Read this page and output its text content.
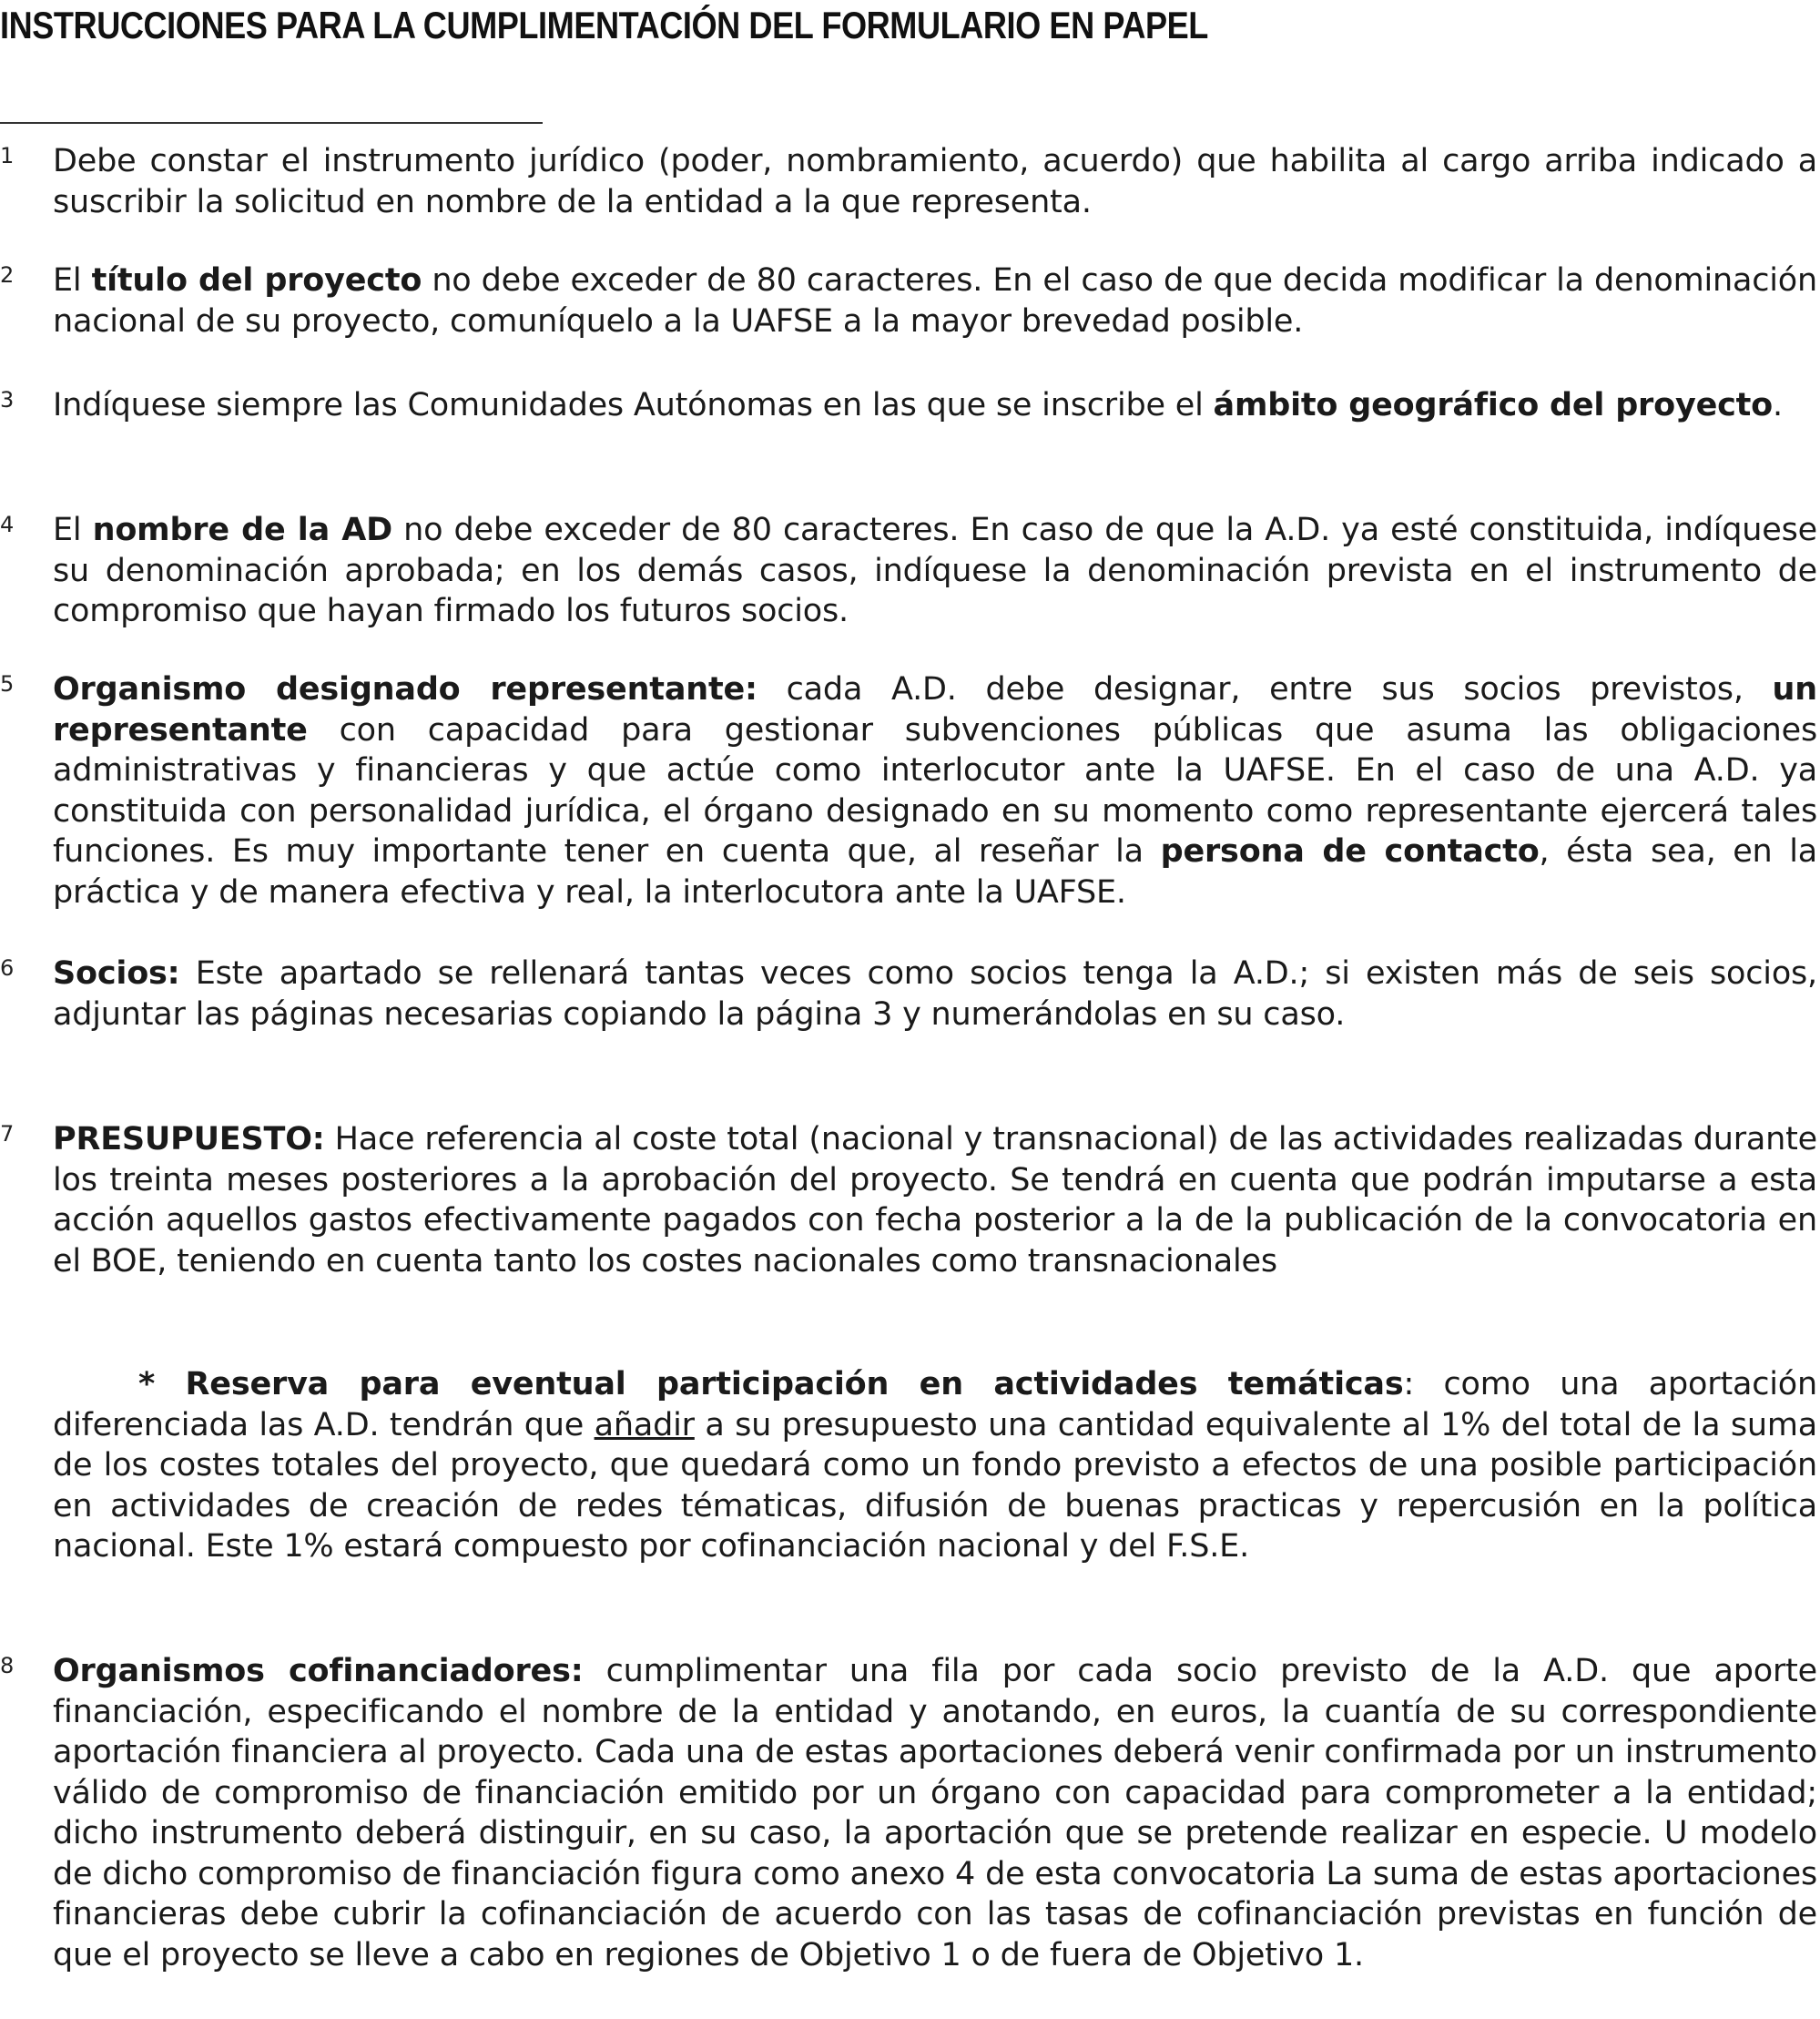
INSTRUCCIONES PARA LA CUMPLIMENTACIÓN DEL FORMULARIO EN PAPEL
1 Debe constar el instrumento jurídico (poder, nombramiento, acuerdo) que habilita al cargo arriba indicado a suscribir la solicitud en nombre de la entidad a la que representa.

2 El título del proyecto no debe exceder de 80 caracteres. En el caso de que decida modificar la denominación nacional de su proyecto, comuníquelo a la UAFSE a la mayor brevedad posible.

3 Indíquese siempre las Comunidades Autónomas en las que se inscribe el ámbito geográfico del proyecto.

4 El nombre de la AD no debe exceder de 80 caracteres. En caso de que la A.D. ya esté constituida, indíquese su denominación aprobada; en los demás casos, indíquese la denominación prevista en el instrumento de compromiso que hayan firmado los futuros socios.

5 Organismo designado representante: cada A.D. debe designar, entre sus socios previstos, un representante con capacidad para gestionar subvenciones públicas que asuma las obligaciones administrativas y financieras y que actúe como interlocutor ante la UAFSE. En el caso de una A.D. ya constituida con personalidad jurídica, el órgano designado en su momento como representante ejercerá tales funciones. Es muy importante tener en cuenta que, al reseñar la persona de contacto, ésta sea, en la práctica y de manera efectiva y real, la interlocutora ante la UAFSE.

6 Socios: Este apartado se rellenará tantas veces como socios tenga la A.D.; si existen más de seis socios, adjuntar las páginas necesarias copiando la página 3 y numerándolas en su caso.

7 PRESUPUESTO: Hace referencia al coste total (nacional y transnacional) de las actividades realizadas durante los treinta meses posteriores a la aprobación del proyecto. Se tendrá en cuenta que podrán imputarse a esta acción aquellos gastos efectivamente pagados con fecha posterior a la de la publicación de la convocatoria en el BOE, teniendo en cuenta tanto los costes nacionales como transnacionales

* Reserva para eventual participación en actividades temáticas: como una aportación diferenciada las A.D. tendrán que añadir a su presupuesto una cantidad equivalente al 1% del total de la suma de los costes totales del proyecto, que quedará como un fondo previsto a efectos de una posible participación en actividades de creación de redes tématicas, difusión de buenas practicas y repercusión en la política nacional. Este 1% estará compuesto por cofinanciación nacional y del F.S.E.

8 Organismos cofinanciadores: cumplimentar una fila por cada socio previsto de la A.D. que aporte financiación, especificando el nombre de la entidad y anotando, en euros, la cuantía de su correspondiente aportación financiera al proyecto. Cada una de estas aportaciones deberá venir confirmada por un instrumento válido de compromiso de financiación emitido por un órgano con capacidad para comprometer a la entidad; dicho instrumento deberá distinguir, en su caso, la aportación que se pretende realizar en especie. U modelo de dicho compromiso de financiación figura como anexo 4 de esta convocatoria La suma de estas aportaciones financieras debe cubrir la cofinanciación de acuerdo con las tasas de cofinanciación previstas en función de que el proyecto se lleve a cabo en regiones de Objetivo 1 o de fuera de Objetivo 1.
